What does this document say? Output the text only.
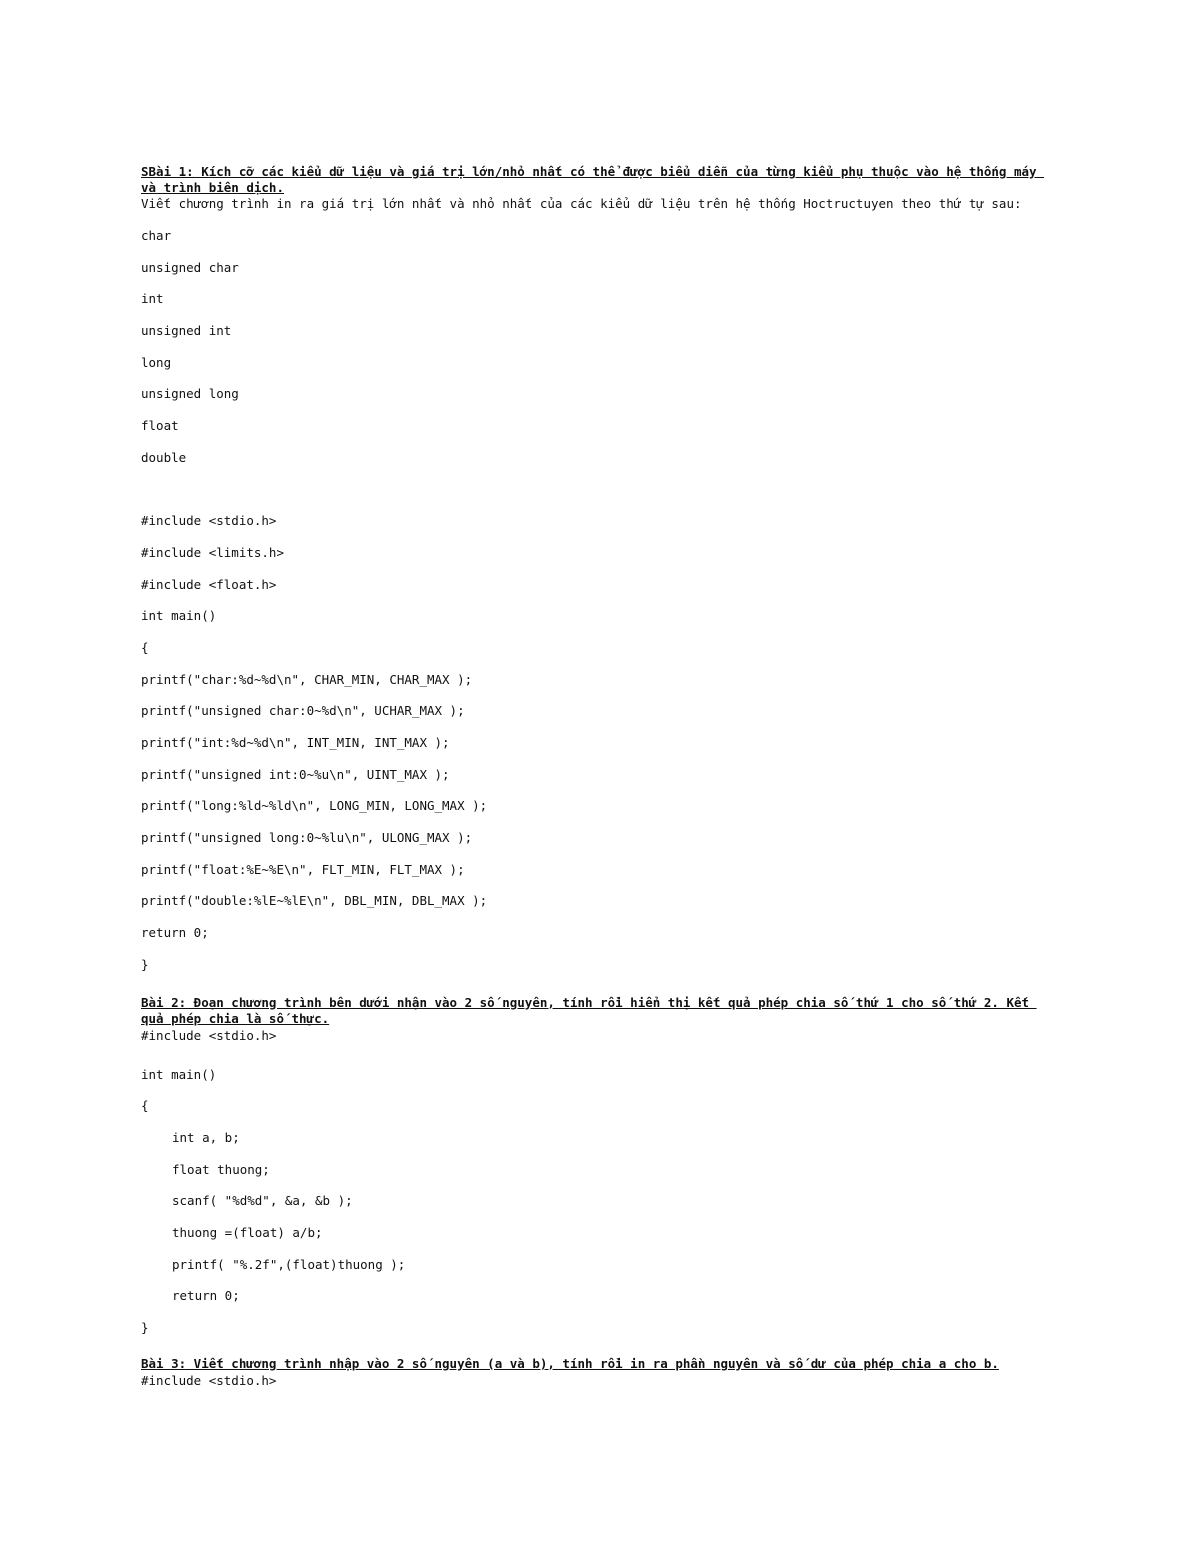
SBài 1: Kích cỡ các kiểu dữ liệu và giá trị lớn/nhỏ nhất có thể được biểu diễn của từng kiểu phụ thuộc vào hệ thống máy và trình biên dịch.

Viết chương trình in ra giá trị lớn nhất và nhỏ nhất của các kiểu dữ liệu trên hệ thống Hoctructuyen theo thứ tự sau:

char
unsigned char
int
unsigned int
long
unsigned long
float
double
#include <stdio.h>
#include <limits.h>
#include <float.h>
int main()
{
printf("char:%d~%d\n", CHAR_MIN, CHAR_MAX );
printf("unsigned char:0~%d\n", UCHAR_MAX );
printf("int:%d~%d\n", INT_MIN, INT_MAX );
printf("unsigned int:0~%u\n", UINT_MAX );
printf("long:%ld~%ld\n", LONG_MIN, LONG_MAX );
printf("unsigned long:0~%lu\n", ULONG_MAX );
printf("float:%E~%E\n", FLT_MIN, FLT_MAX );
printf("double:%lE~%lE\n", DBL_MIN, DBL_MAX );
return 0;
}

Bài 2: Đoạn chương trình bên dưới nhận vào 2 số nguyên, tính rồi hiển thị kết quả phép chia số thứ 1 cho số thứ 2. Kết quả phép chia là số thực.

#include <stdio.h>
int main()
{
int a, b;
float thuong;
scanf( "%d%d", &a, &b );
thuong =(float) a/b;
printf( "%.2f",(float)thuong );
return 0;
}

Bài 3: Viết chương trình nhập vào 2 số nguyên (a và b), tính rồi in ra phần nguyên và số dư của phép chia a cho b.

#include <stdio.h>
